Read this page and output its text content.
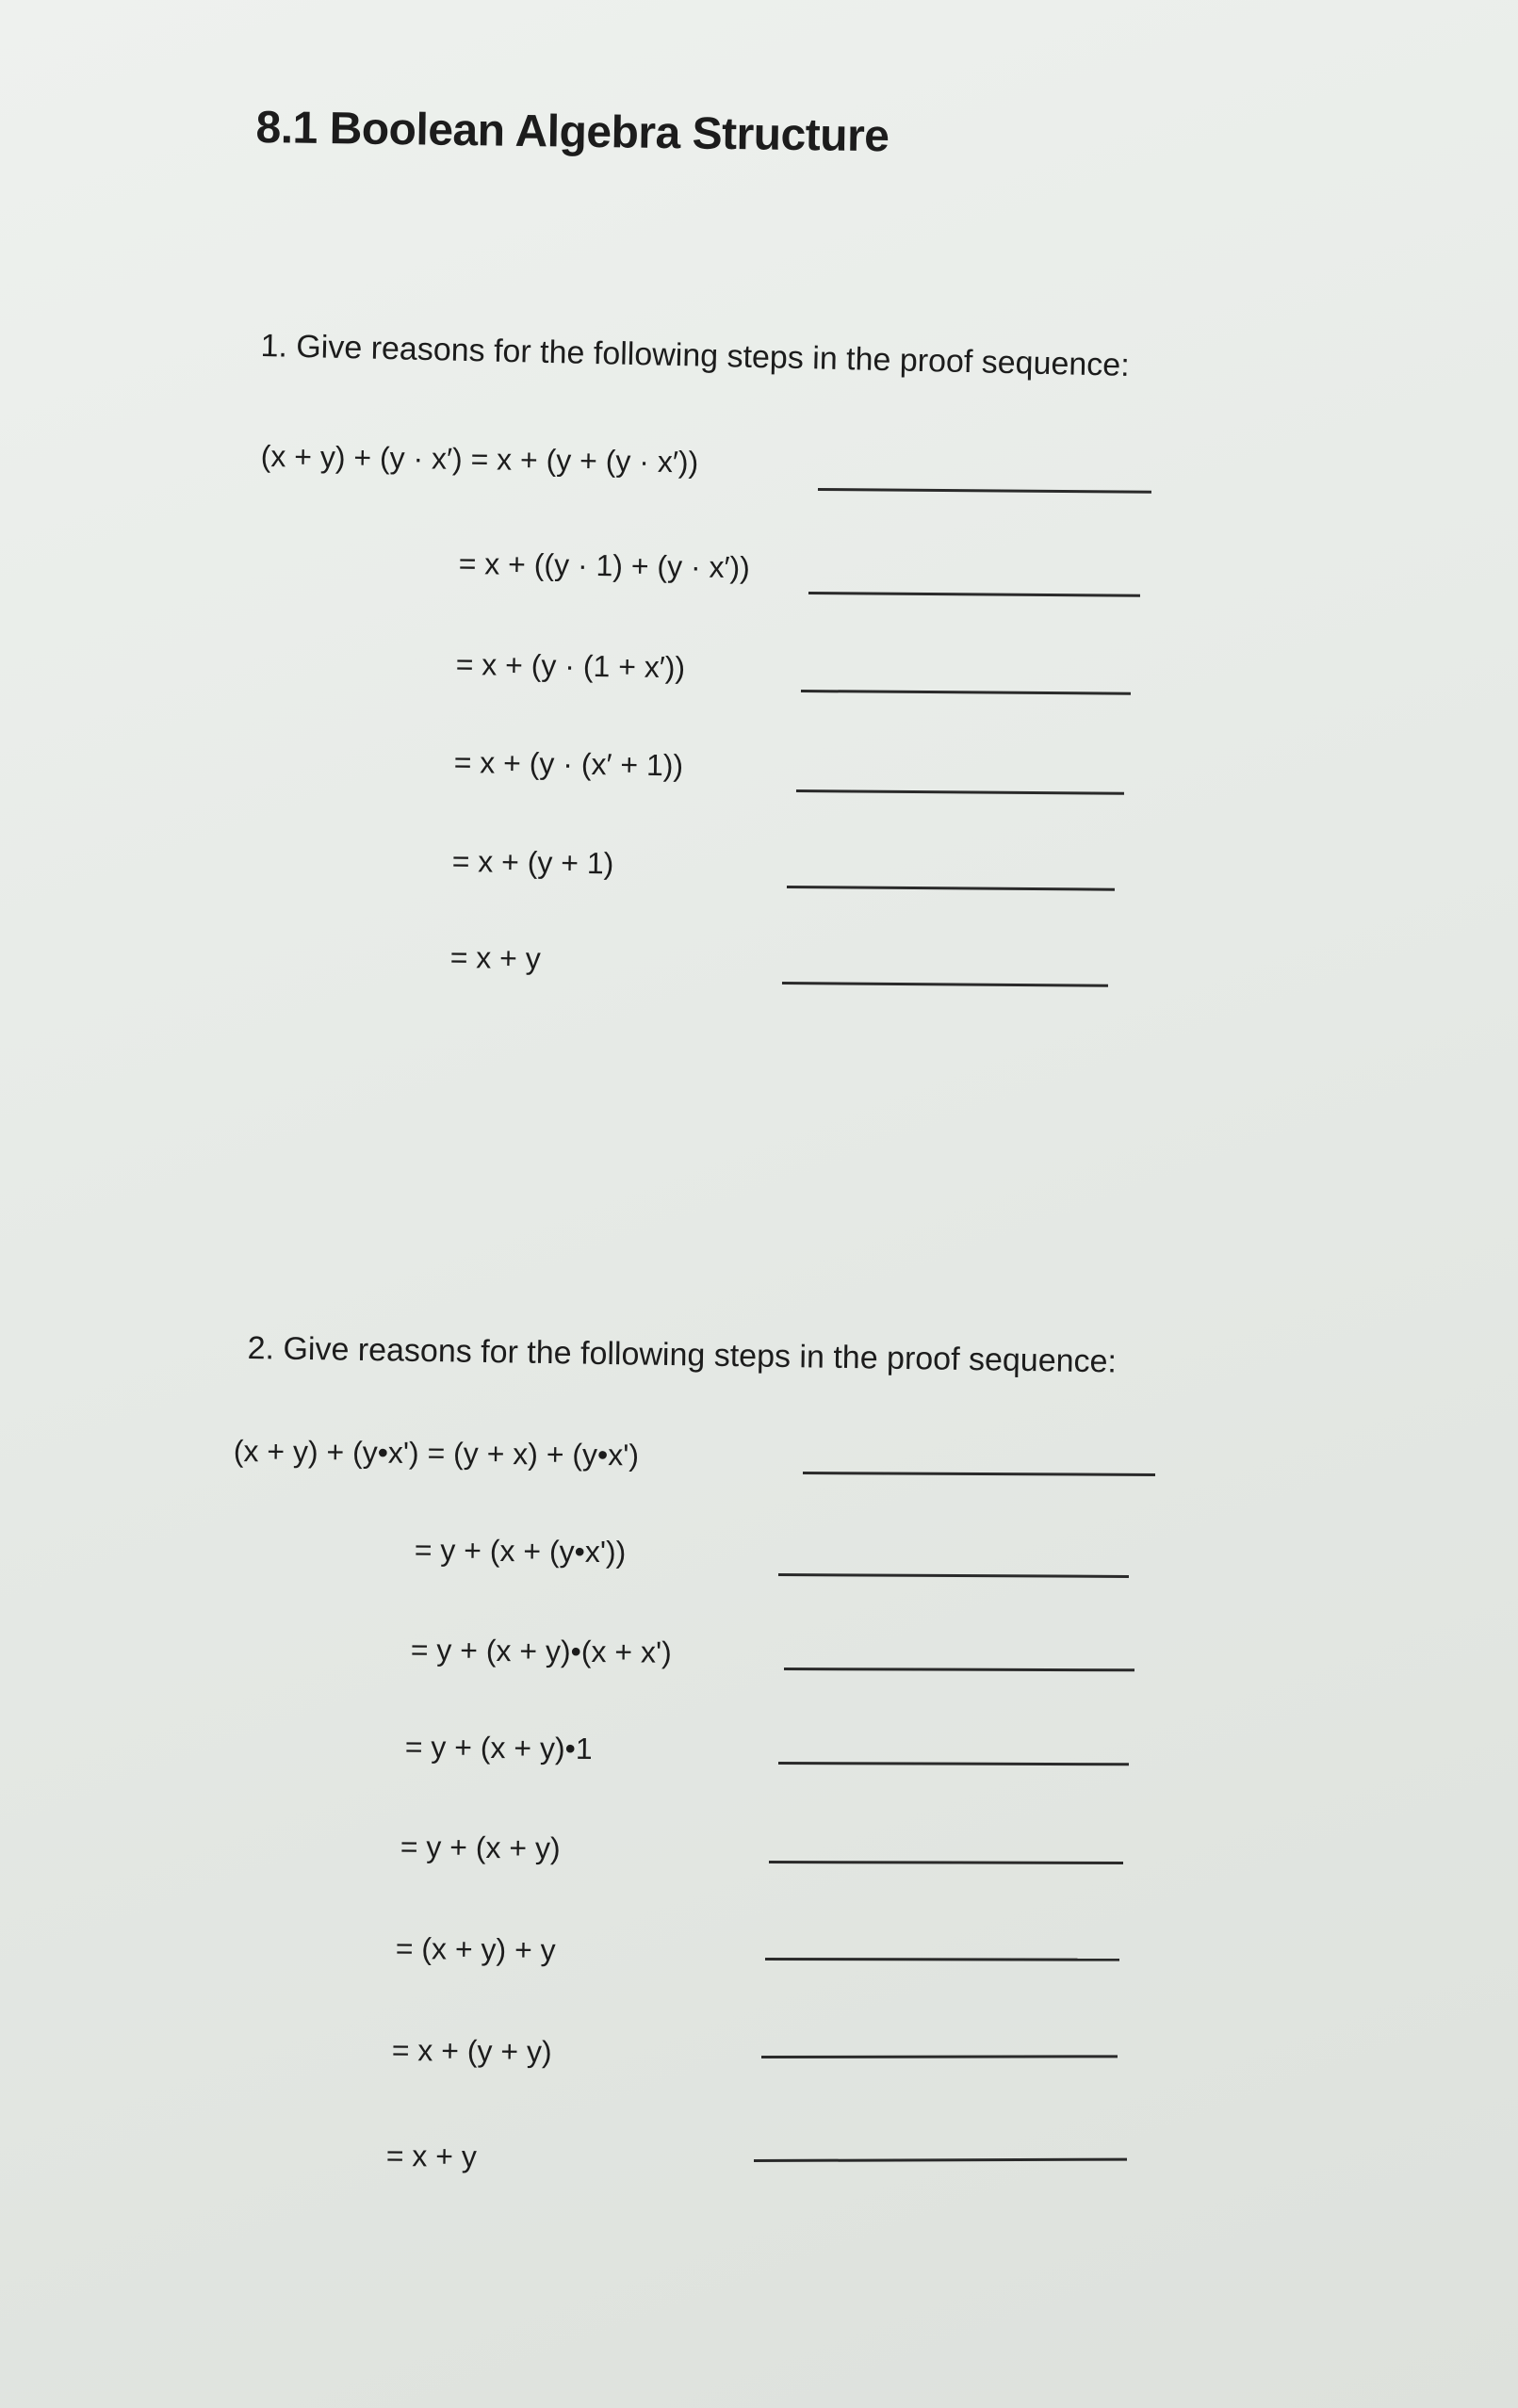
8.1 Boolean Algebra Structure
1. Give reasons for the following steps in the proof sequence:
(x + y) + (y · x′) = x + (y + (y · x′))
= x + ((y · 1) + (y · x′))
= x + (y · (1 + x′))
= x + (y · (x′ + 1))
= x + (y + 1)
= x + y
2. Give reasons for the following steps in the proof sequence:
(x + y) + (y•x') = (y + x) + (y•x')
= y + (x + (y•x'))
= y + (x + y)•(x + x')
= y + (x + y)•1
= y + (x + y)
= (x + y) + y
= x + (y + y)
= x + y
